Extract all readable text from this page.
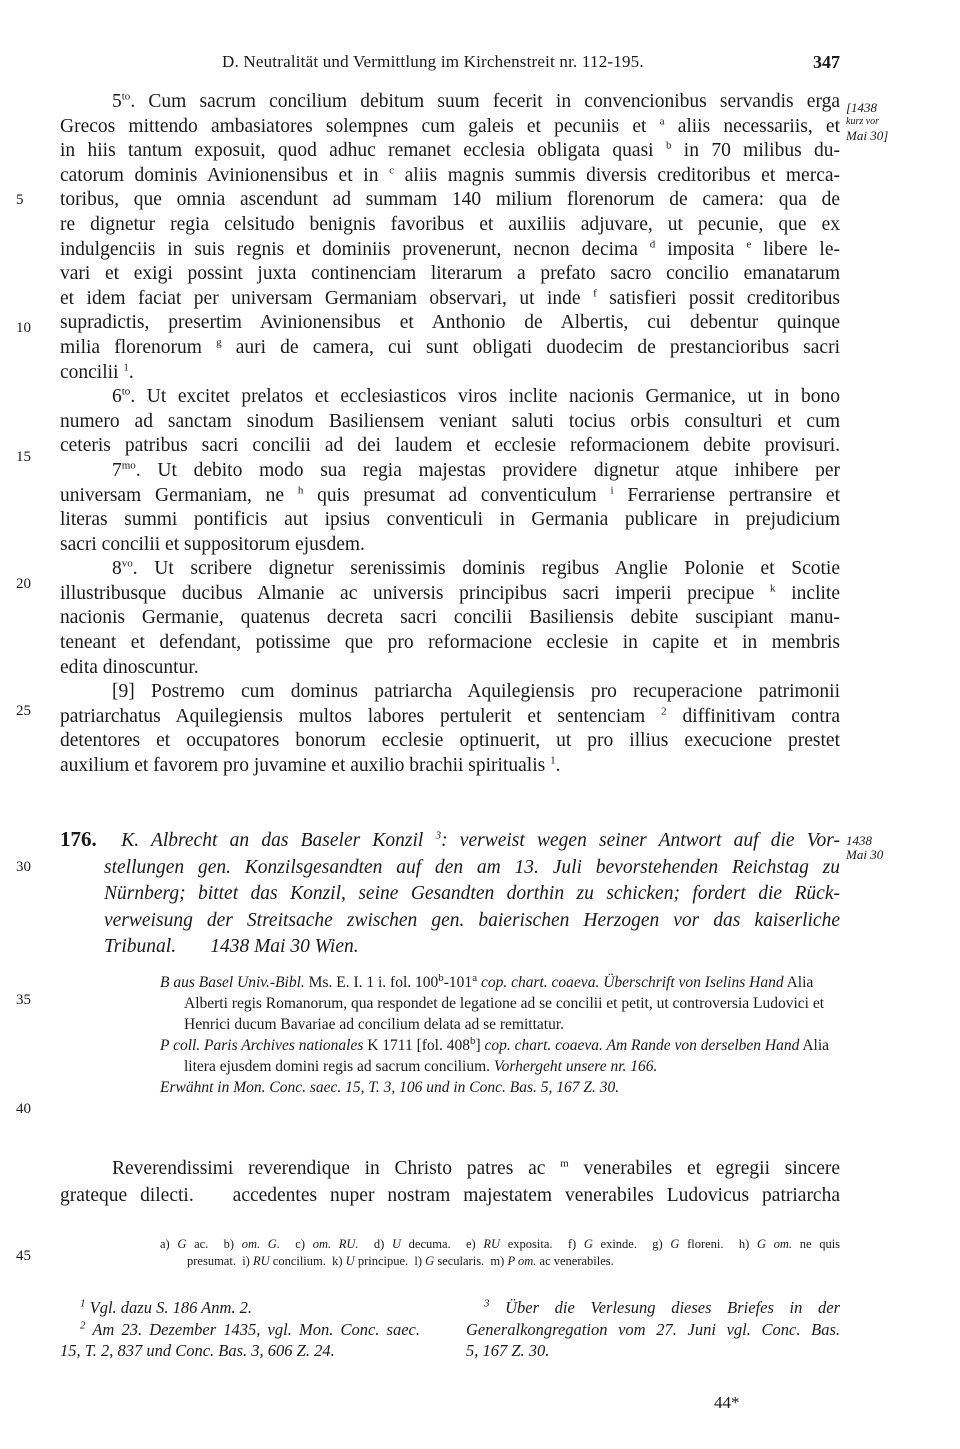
D. Neutralität und Vermittlung im Kirchenstreit nr. 112-195.	347
$5^{to}$. Cum sacrum concilium debitum suum fecerit in convencionibus servandis erga
Grecos mittendo ambasiatores solempnes cum galeis et pecuniis et $^a$ aliis necessariis, et
in hiis tantum exposuit, quod adhuc remanet ecclesia obligata quasi $^b$ in 70 milibus du-
catorum dominis Avinionensibus et in $^c$ aliis magnis summis diversis creditoribus et merca-
toribus, que omnia ascendunt ad summam 140 milium florenorum de camera: qua de
re dignetur regia celsitudo benignis favoribus et auxiliis adjuvare, ut pecunie, que ex
indulgenciis in suis regnis et dominiis provenerunt, necnon decima $^d$ imposita $^e$ libere le-
vari et exigi possint juxta continenciam literarum a prefato sacro concilio emanatarum
et idem faciat per universam Germaniam observari, ut inde $^f$ satisfieri possit creditoribus
supradictis, presertim Avinionensibus et Anthonio de Albertis, cui debentur quinque
milia florenorum $^g$ auri de camera, cui sunt obligati duodecim de prestancioribus sacri
concilii $^1$.
$6^{to}$. Ut excitet prelatos et ecclesiasticos viros inclite nacionis Germanice, ut in bono
numero ad sanctam sinodum Basiliensem veniant saluti tocius orbis consulturi et cum
ceteris patribus sacri concilii ad dei laudem et ecclesie reformacionem debite provisuri.
$7^{mo}$. Ut debito modo sua regia majestas providere dignetur atque inhibere per
universam Germaniam, ne $^h$ quis presumat ad conventiculum $^i$ Ferrariense pertransire et
literas summi pontificis aut ipsius conventiculi in Germania publicare in prejudicium
sacri concilii et suppositorum ejusdem.
$8^{vo}$. Ut scribere dignetur serenissimis dominis regibus Anglie Polonie et Scotie
illustribusque ducibus Almanie ac universis principibus sacri imperii precipue $^k$ inclite
nacionis Germanie, quatenus decreta sacri concilii Basiliensis debite suscipiant manu-
teneant et defendant, potissime que pro reformacione ecclesie in capite et in membris
edita dinoscuntur.
[9] Postremo cum dominus patriarcha Aquilegiensis pro recuperacione patrimonii
patriarchatus Aquilegiensis multos labores pertulerit et sentenciam $^2$ diffinitivam contra
detentores et occupatores bonorum ecclesie optinuerit, ut pro illius execucione prestet
auxilium et favorem pro juvamine et auxilio brachii spiritualis $^1$.
5
10
15
20
25
30
35
40
45
[1438
kurz vor
Mai 30]
1438
Mai 30
176. K. Albrecht an das Baseler Konzil $^3$: verweist wegen seiner Antwort auf die Vor-
stellungen gen. Konzilsgesandten auf den am 13. Juli bevorstehenden Reichstag zu
Nürnberg; bittet das Konzil, seine Gesandten dorthin zu schicken; fordert die Rück-
verweisung der Streitsache zwischen gen. baierischen Herzogen vor das kaiserliche
Tribunal.       1438 Mai 30 Wien.
B aus Basel Univ.-Bibl. Ms. E. I. 1 i. fol. 100$^b$-101$^a$ cop. chart. coaeva. Überschrift von Iselins Hand Alia Alberti regis Romanorum, qua respondet de legatione ad se concilii et petit, ut controversia Ludovici et Henrici ducum Bavariae ad concilium delata ad se remittatur.
P coll. Paris Archives nationales K 1711 [fol. 408$^b$] cop. chart. coaeva. Am Rande von derselben Hand Alia litera ejusdem domini regis ad sacrum concilium. Vorhergeht unsere nr. 166.
Erwähnt in Mon. Conc. saec. 15, T. 3, 106 und in Conc. Bas. 5, 167 Z. 30.
Reverendissimi reverendique in Christo patres ac $^m$ venerabiles et egregii sincere
grateque dilecti.   accedentes nuper nostram majestatem venerabiles Ludovicus patriarcha
a) G ac.  b) om. G.  c) om. RU.  d) U decuma.  e) RU exposita.  f) G exinde.  g) G floreni.  h) G om. ne quis
presumat.  i) RU concilium.  k) U principue.  l) G secularis.  m) P om. ac venerabiles.
$^1$ Vgl. dazu S. 186 Anm. 2.
$^2$ Am 23. Dezember 1435, vgl. Mon. Conc. saec.
15, T. 2, 837 und Conc. Bas. 3, 606 Z. 24.
$^3$ Über die Verlesung dieses Briefes in der
Generalkongregation vom 27. Juni vgl. Conc. Bas.
5, 167 Z. 30.
44*
